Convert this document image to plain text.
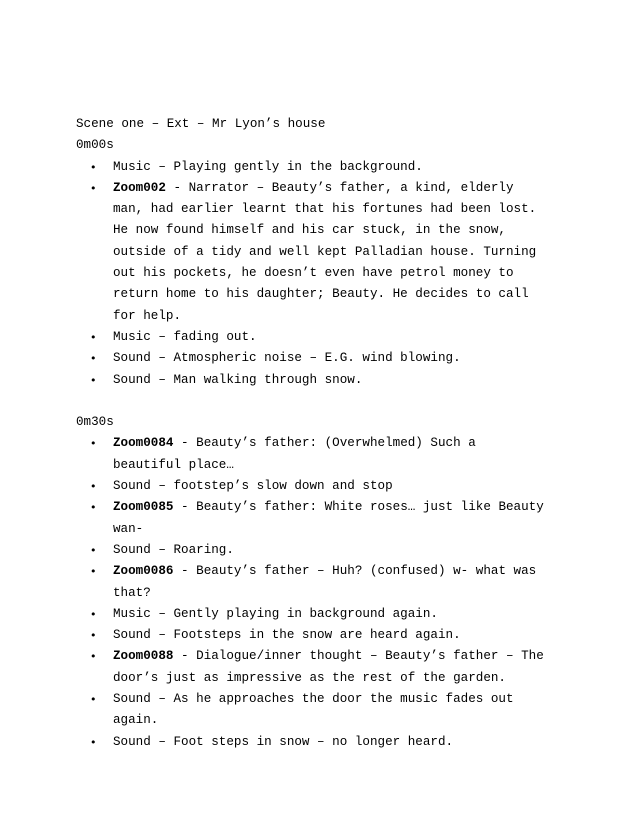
Scene one – Ext – Mr Lyon’s house
0m00s
• Music – Playing gently in the background.
• Zoom002 - Narrator – Beauty’s father, a kind, elderly man, had earlier learnt that his fortunes had been lost. He now found himself and his car stuck, in the snow, outside of a tidy and well kept Palladian house. Turning out his pockets, he doesn’t even have petrol money to return home to his daughter; Beauty. He decides to call for help.
• Music – fading out.
• Sound – Atmospheric noise – E.G. wind blowing.
• Sound – Man walking through snow.
0m30s
• Zoom0084 - Beauty’s father: (Overwhelmed) Such a beautiful place…
• Sound – footstep’s slow down and stop
• Zoom0085 - Beauty’s father: White roses… just like Beauty wan-
• Sound – Roaring.
• Zoom0086 - Beauty’s father – Huh? (confused) w- what was that?
• Music – Gently playing in background again.
• Sound – Footsteps in the snow are heard again.
• Zoom0088 - Dialogue/inner thought – Beauty’s father – The door’s just as impressive as the rest of the garden.
• Sound – As he approaches the door the music fades out again.
• Sound – Foot steps in snow – no longer heard.
